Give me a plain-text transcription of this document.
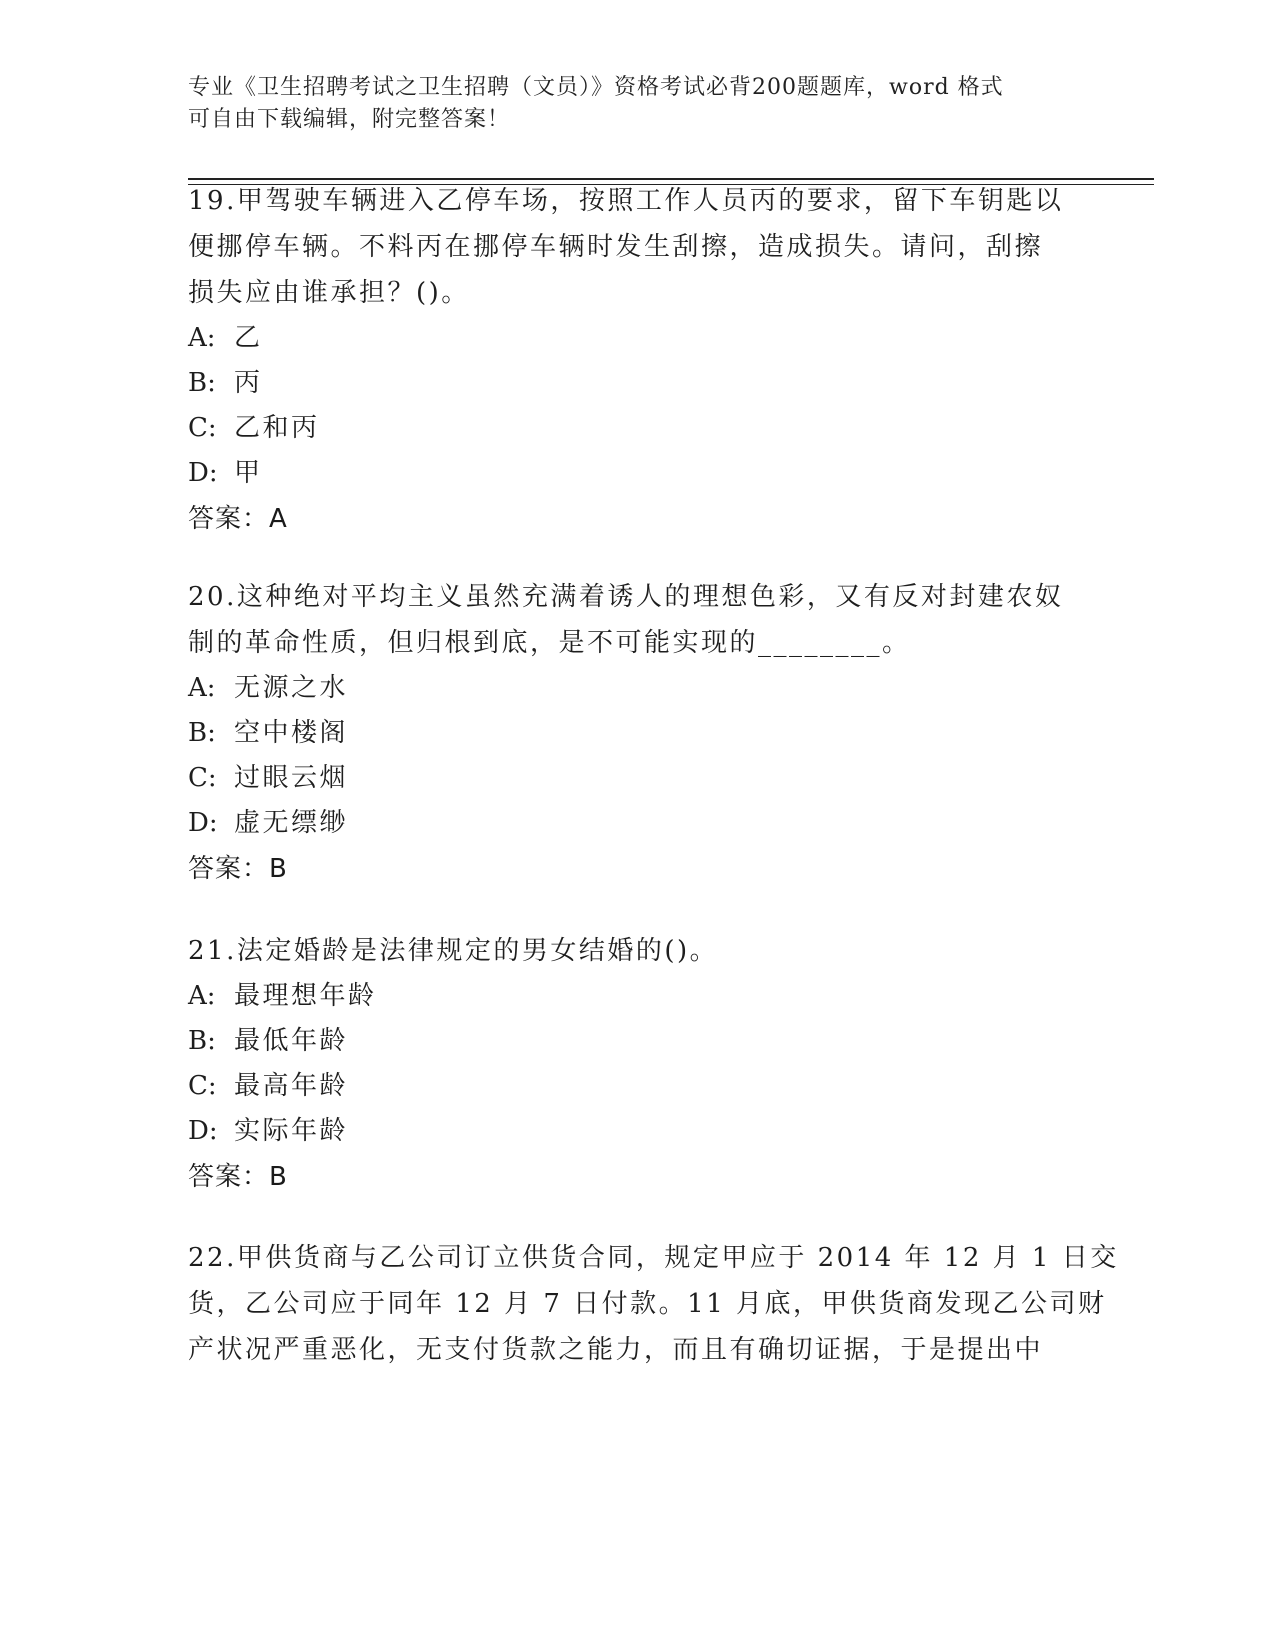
专业《卫生招聘考试之卫生招聘（文员）》资格考试必背200题题库，word 格式
可自由下载编辑，附完整答案！
19.甲驾驶车辆进入乙停车场，按照工作人员丙的要求，留下车钥匙以
便挪停车辆。不料丙在挪停车辆时发生刮擦，造成损失。请问，刮擦
损失应由谁承担？()。
A: 乙
B: 丙
C: 乙和丙
D: 甲
答案：A
20.这种绝对平均主义虽然充满着诱人的理想色彩，又有反对封建农奴
制的革命性质，但归根到底，是不可能实现的________。
A: 无源之水
B: 空中楼阁
C: 过眼云烟
D: 虚无缥缈
答案：B
21.法定婚龄是法律规定的男女结婚的()。
A: 最理想年龄
B: 最低年龄
C: 最高年龄
D: 实际年龄
答案：B
22.甲供货商与乙公司订立供货合同，规定甲应于 2014 年 12 月 1 日交
货，乙公司应于同年 12 月 7 日付款。11 月底，甲供货商发现乙公司财
产状况严重恶化，无支付货款之能力，而且有确切证据，于是提出中
